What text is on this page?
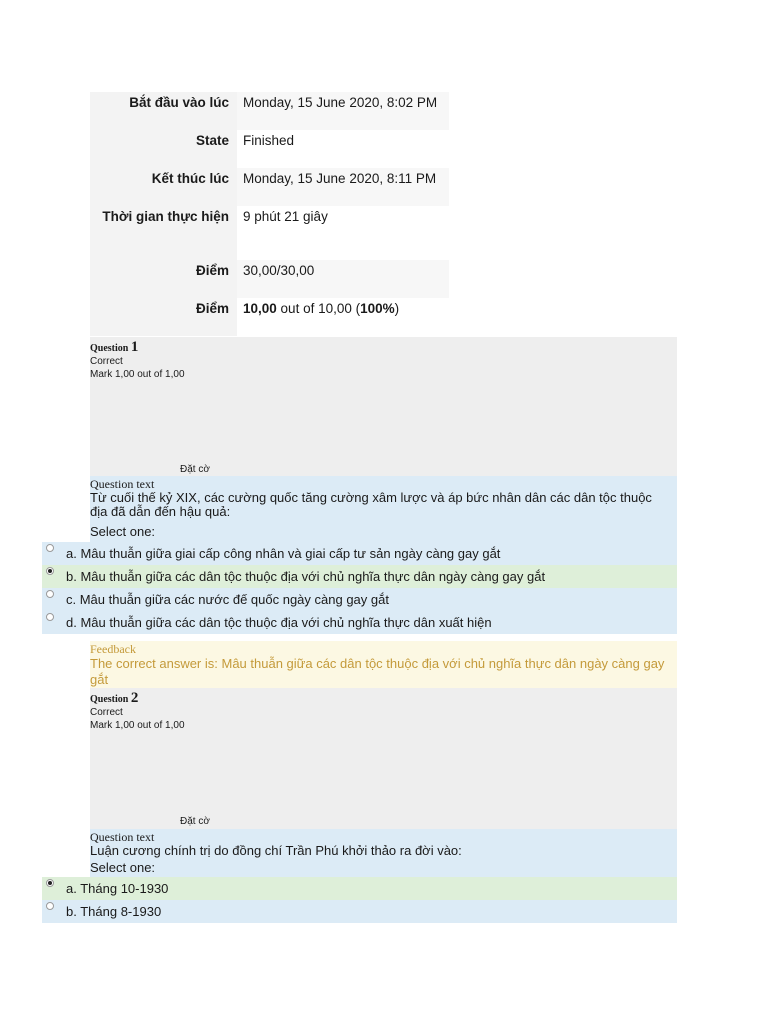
Bắt đầu vào lúc	Monday, 15 June 2020, 8:02 PM
State	Finished
Kết thúc lúc	Monday, 15 June 2020, 8:11 PM
Thời gian thực hiện	9 phút 21 giây
Điểm	30,00/30,00
Điểm	10,00 out of 10,00 (100%)
Question 1
Correct
Mark 1,00 out of 1,00
Đặt cờ
Question text
Từ cuối thế kỷ XIX, các cường quốc tăng cường xâm lược và áp bức nhân dân các dân tộc thuộc địa đã dẫn đến hậu quả:
Select one:
a. Mâu thuẫn giữa giai cấp công nhân và giai cấp tư sản ngày càng gay gắt
b. Mâu thuẫn giữa các dân tộc thuộc địa với chủ nghĩa thực dân ngày càng gay gắt
c. Mâu thuẫn giữa các nước đế quốc ngày càng gay gắt
d. Mâu thuẫn giữa các dân tộc thuộc địa với chủ nghĩa thực dân xuất hiện
Feedback
The correct answer is: Mâu thuẫn giữa các dân tộc thuộc địa với chủ nghĩa thực dân ngày càng gay gắt
Question 2
Correct
Mark 1,00 out of 1,00
Đặt cờ
Question text
Luận cương chính trị do đồng chí Trần Phú khởi thảo ra đời vào:
Select one:
a. Tháng 10-1930
b. Tháng 8-1930
